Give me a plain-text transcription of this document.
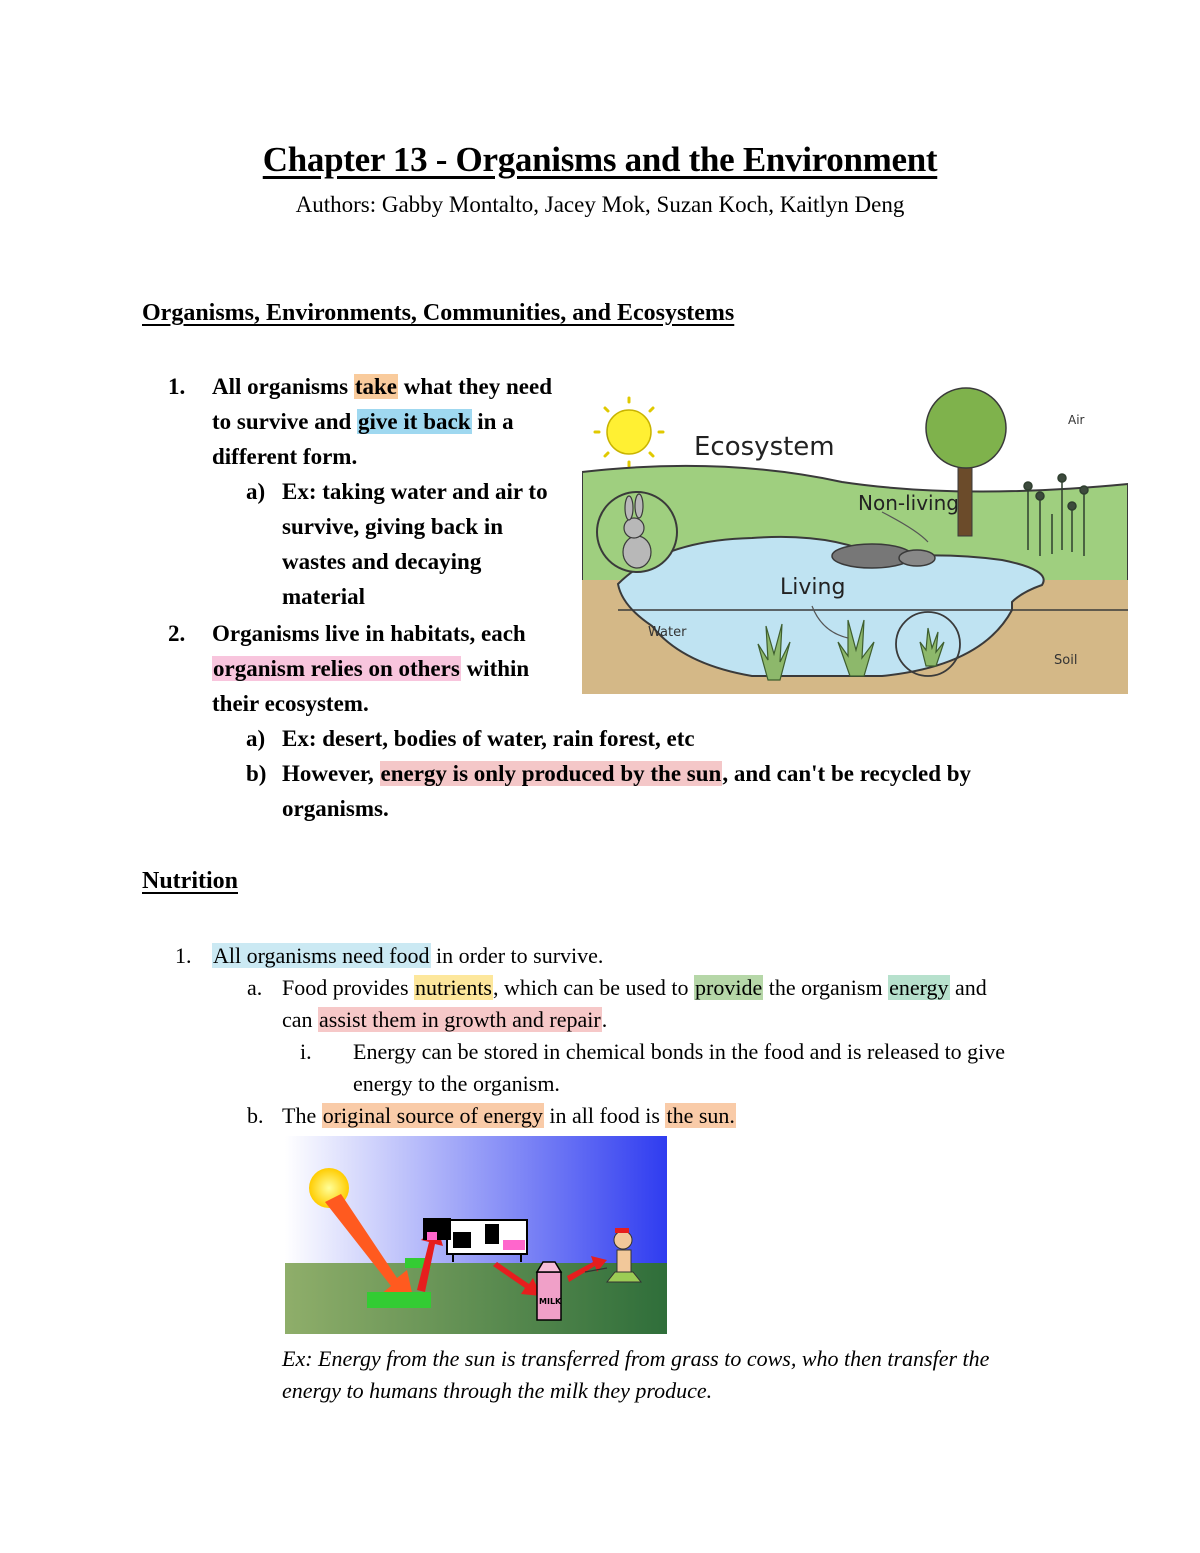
Chapter 13 - Organisms and the Environment
Authors: Gabby Montalto, Jacey Mok, Suzan Koch, Kaitlyn Deng
Organisms, Environments, Communities, and Ecosystems
1. All organisms take what they need
to survive and give it back in a
different form.
a) Ex: taking water and air to
survive, giving back in
wastes and decaying
material
2. Organisms live in habitats, each
organism relies on others within
their ecosystem.
a) Ex: desert, bodies of water, rain forest, etc
b) However, energy is only produced by the sun, and can't be recycled by
organisms.
Ecosystem
Air
Non-living
Living
Water
Soil
Nutrition
1. All organisms need food in order to survive.
a. Food provides nutrients, which can be used to provide the organism energy and
can assist them in growth and repair.
i. Energy can be stored in chemical bonds in the food and is released to give
energy to the organism.
b. The original source of energy in all food is the sun.
MILK
Ex: Energy from the sun is transferred from grass to cows, who then transfer the
energy to humans through the milk they produce.
